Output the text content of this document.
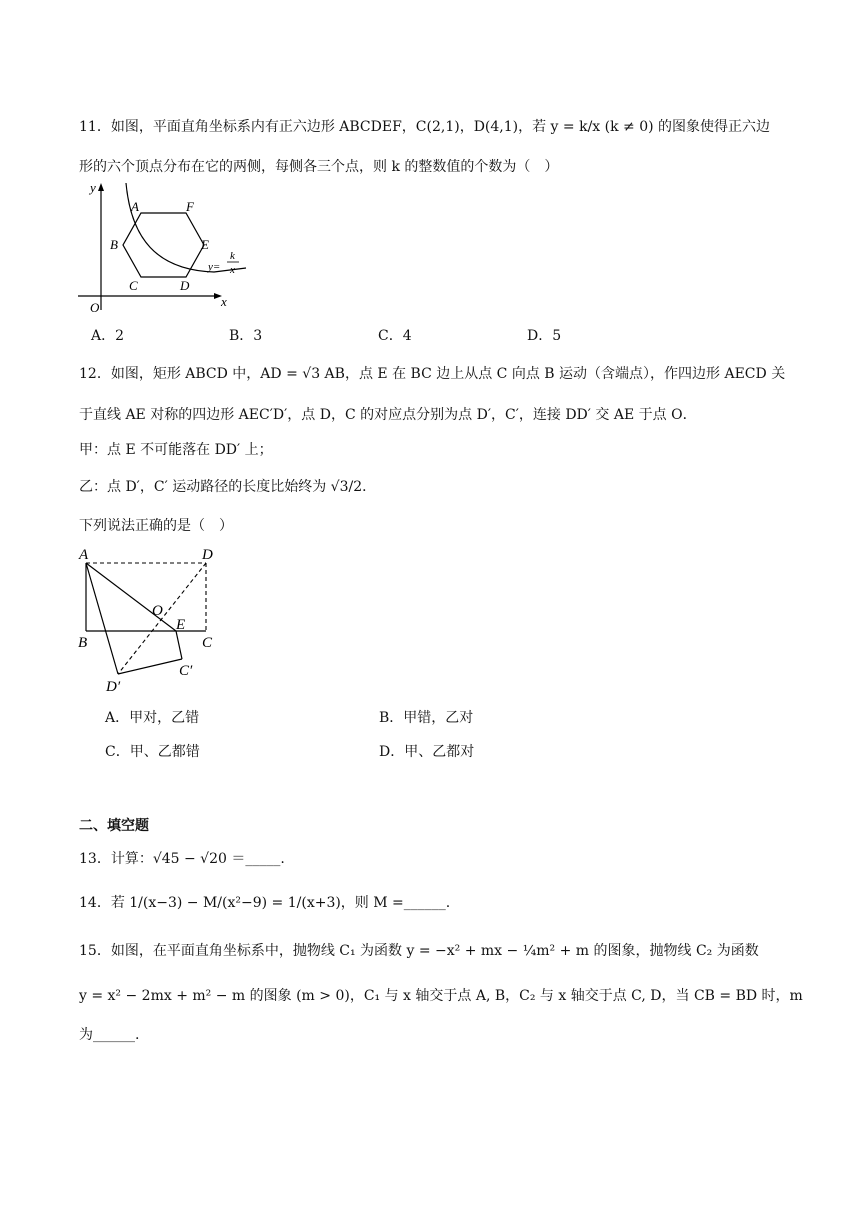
11．如图，平面直角坐标系内有正六边形 ABCDEF，C(2,1)，D(4,1)，若 y = k/x (k ≠ 0) 的图象使得正六边
形的六个顶点分布在它的两侧，每侧各三个点，则 k 的整数值的个数为（　）
y
x
O
A	F
B	E
C	D
y=
k
x
A．2	B．3	C．4	D．5
12．如图，矩形 ABCD 中，AD = √3 AB，点 E 在 BC 边上从点 C 向点 B 运动（含端点），作四边形 AECD 关
于直线 AE 对称的四边形 AEC′D′，点 D，C 的对应点分别为点 D′，C′，连接 DD′ 交 AE 于点 O．
甲：点 E 不可能落在 DD′ 上；
乙：点 D′，C′ 运动路径的长度比始终为 √3/2．
下列说法正确的是（　）
A	D
O
B
E
C
C′
D′
A．甲对，乙错	B．甲错，乙对
C．甲、乙都错	D．甲、乙都对
二、填空题
13．计算：√45 − √20 ＝_____.
14．若 1/(x−3) − M/(x²−9) = 1/(x+3)，则 M =______.
15．如图，在平面直角坐标系中，抛物线 C₁ 为函数 y = −x² + mx − ¼m² + m 的图象，抛物线 C₂ 为函数
y = x² − 2mx + m² − m 的图象 (m > 0)，C₁ 与 x 轴交于点 A, B，C₂ 与 x 轴交于点 C, D，当 CB = BD 时，m
为______.
